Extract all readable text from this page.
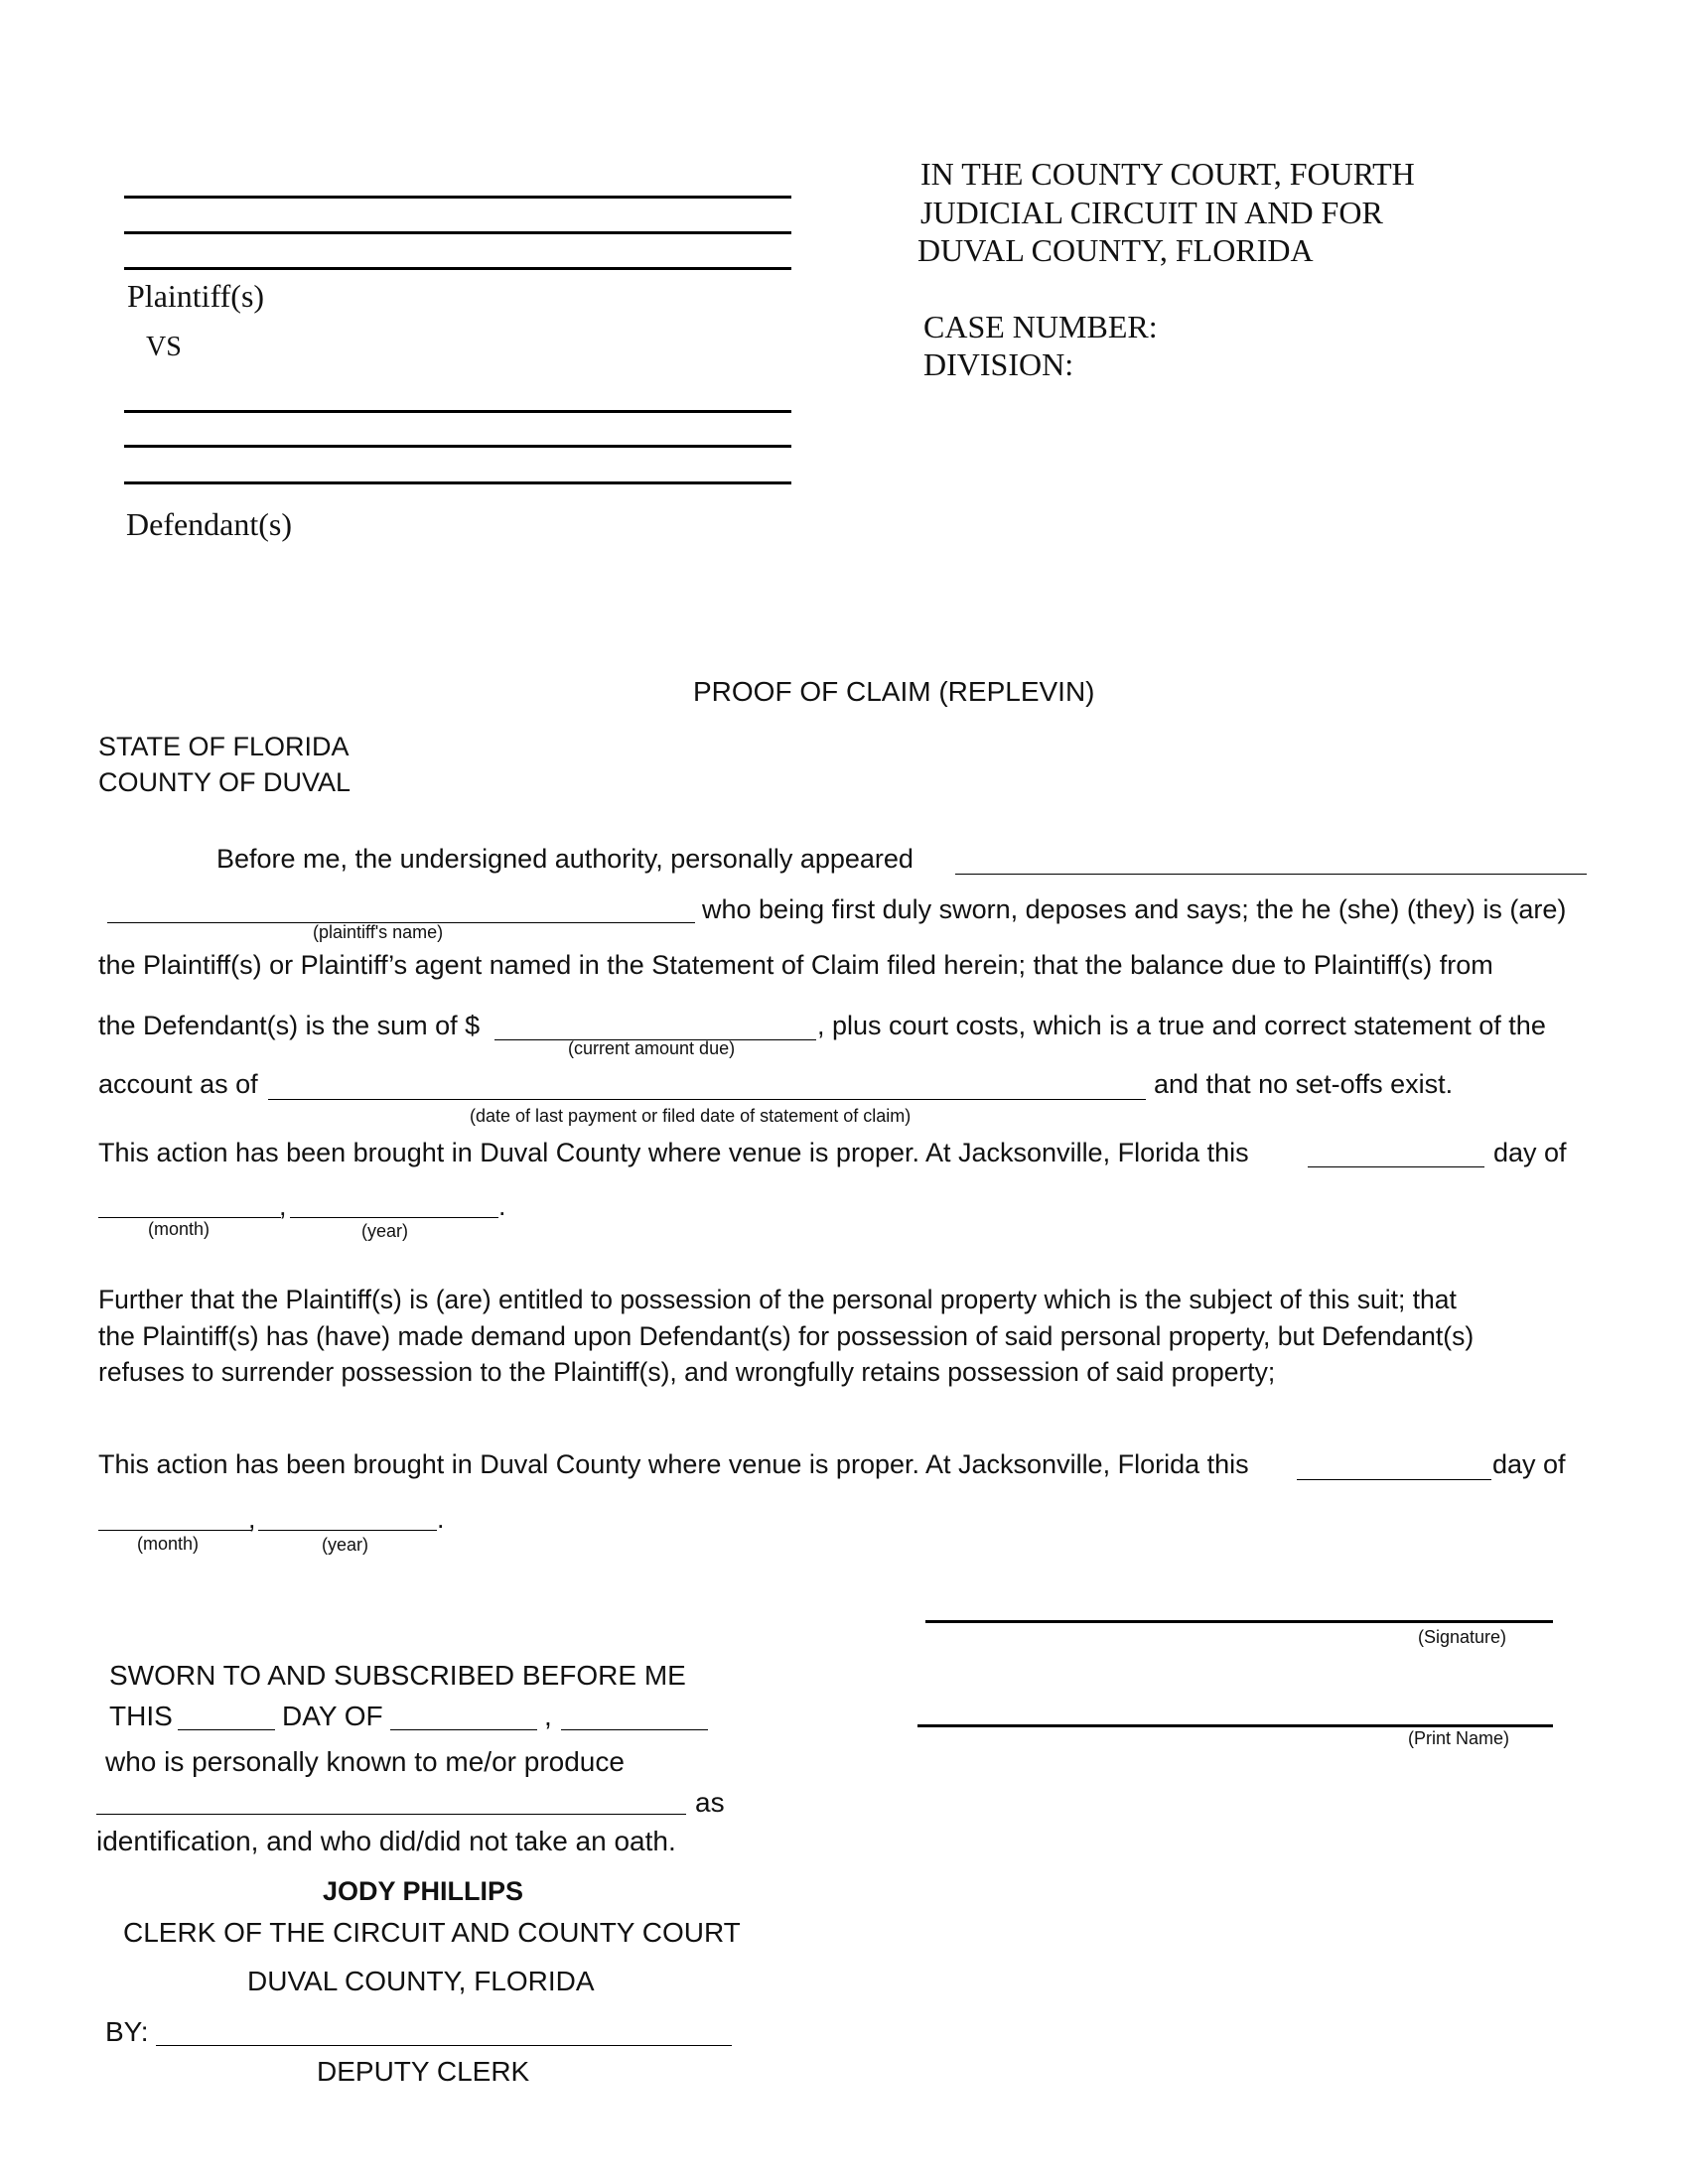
Plaintiff(s)
VS
Defendant(s)
IN THE COUNTY COURT, FOURTH
JUDICIAL CIRCUIT IN AND FOR
DUVAL COUNTY, FLORIDA
CASE NUMBER:
DIVISION:
PROOF OF CLAIM (REPLEVIN)
STATE OF FLORIDA
COUNTY OF DUVAL
Before me, the undersigned authority, personally appeared
(plaintiff's name)
who being first duly sworn, deposes and says; the he (she) (they) is (are)
the Plaintiff(s) or Plaintiff’s agent named in the Statement of Claim filed herein; that the balance due to Plaintiff(s) from
the Defendant(s) is the sum of $
(current amount due)
, plus court costs, which is a true and correct statement of the
account as of
(date of last payment or filed date of statement of claim)
and that no set-offs exist.
This action has been brought in Duval County where venue is proper. At Jacksonville, Florida this	day of
,	.
(month)	(year)
Further that the Plaintiff(s) is (are) entitled to possession of the personal property which is the subject of this suit; that
the Plaintiff(s) has (have) made demand upon Defendant(s) for possession of said personal property, but Defendant(s)
refuses to surrender possession to the Plaintiff(s), and wrongfully retains possession of said property;
This action has been brought in Duval County where venue is proper. At Jacksonville, Florida this	day of
,	.
(month)	(year)
(Signature)
(Print Name)
SWORN TO AND SUBSCRIBED BEFORE ME
THIS	DAY OF	,
who is personally known to me/or produce
as
identification, and who did/did not take an oath.
JODY PHILLIPS
CLERK OF THE CIRCUIT AND COUNTY COURT
DUVAL COUNTY, FLORIDA
BY:
DEPUTY CLERK
